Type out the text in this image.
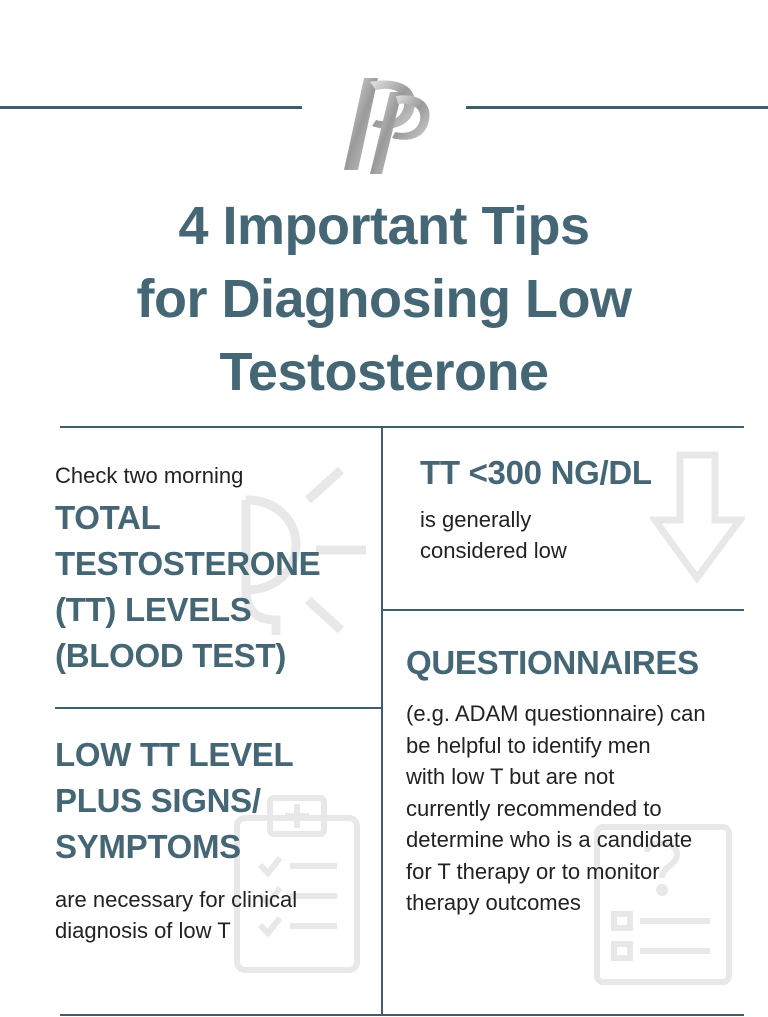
4 Important Tips
for Diagnosing Low
Testosterone
Check two morning
TOTAL
TESTOSTERONE
(TT) LEVELS
(BLOOD TEST)
TT <300 NG/DL
is generally
considered low
LOW TT LEVEL
PLUS SIGNS/
SYMPTOMS
are necessary for clinical
diagnosis of low T
QUESTIONNAIRES
(e.g. ADAM questionnaire) can
be helpful to identify men
with low T but are not
currently recommended to
determine who is a candidate
for T therapy or to monitor
therapy outcomes
